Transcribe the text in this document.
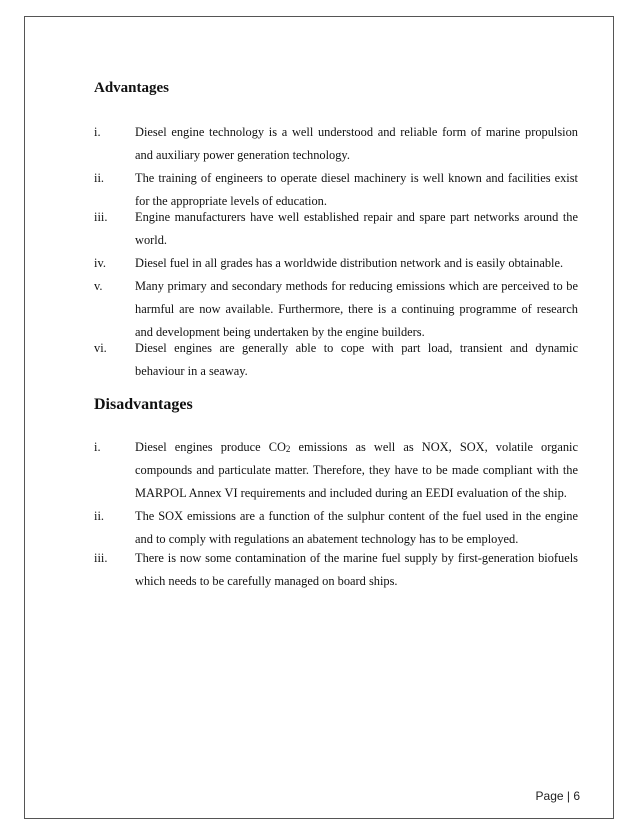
Advantages
i.	Diesel engine technology is a well understood and reliable form of marine propulsion and auxiliary power generation technology.
ii.	The training of engineers to operate diesel machinery is well known and facilities exist for the appropriate levels of education.
iii. Engine manufacturers have well established repair and spare part networks around the world.
iv. Diesel fuel in all grades has a worldwide distribution network and is easily obtainable.
v.	Many primary and secondary methods for reducing emissions which are perceived to be harmful are now available. Furthermore, there is a continuing programme of research and development being undertaken by the engine builders.
vi. Diesel engines are generally able to cope with part load, transient and dynamic behaviour in a seaway.
Disadvantages
i.	Diesel engines produce $CO_2$ emissions as well as NOX, SOX, volatile organic compounds and particulate matter. Therefore, they have to be made compliant with the MARPOL Annex VI requirements and included during an EEDI evaluation of the ship.
ii.	The SOX emissions are a function of the sulphur content of the fuel used in the engine and to comply with regulations an abatement technology has to be employed.
iii. There is now some contamination of the marine fuel supply by first-generation biofuels which needs to be carefully managed on board ships.
Page | 6
